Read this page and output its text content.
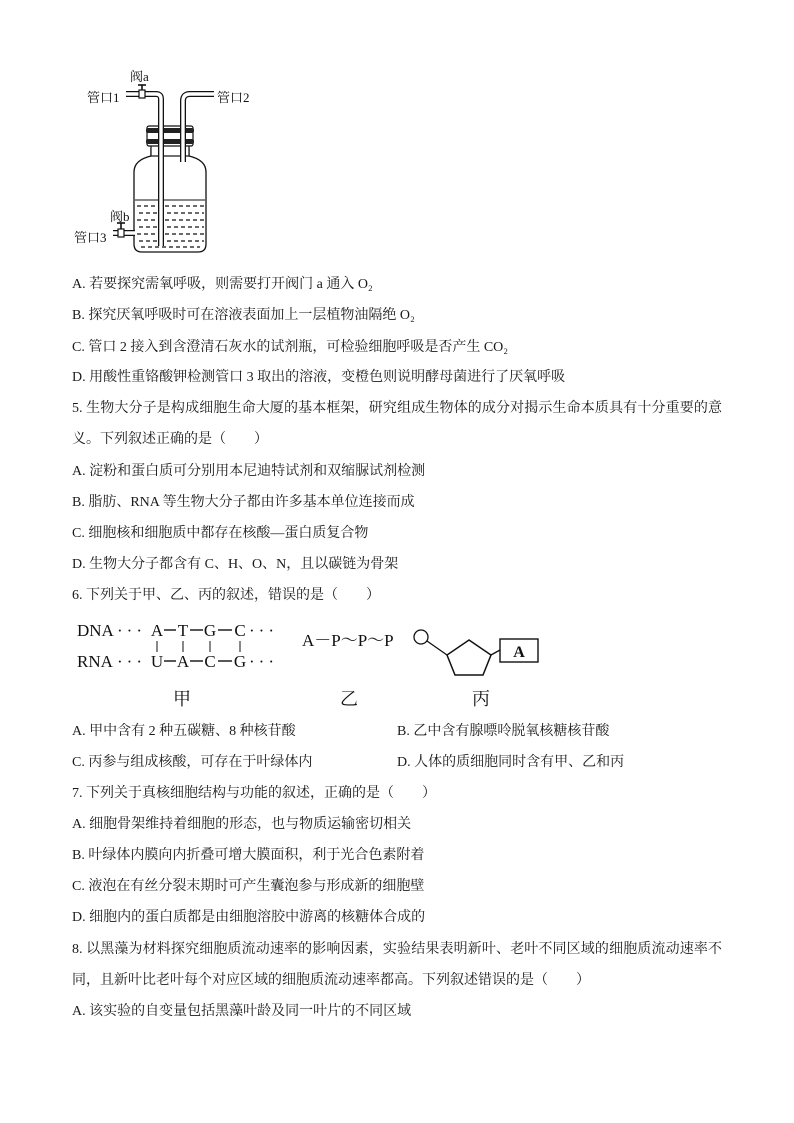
阀a
管口1	管口2
阀b
管口3
A. 若要探究需氧呼吸，则需要打开阀门 a 通入 O₂
B. 探究厌氧呼吸时可在溶液表面加上一层植物油隔绝 O₂
C. 管口 2 接入到含澄清石灰水的试剂瓶，可检验细胞呼吸是否产生 CO₂
D. 用酸性重铬酸钾检测管口 3 取出的溶液，变橙色则说明酵母菌进行了厌氧呼吸
5. 生物大分子是构成细胞生命大厦的基本框架，研究组成生物体的成分对揭示生命本质具有十分重要的意
义。下列叙述正确的是（　　）
A. 淀粉和蛋白质可分别用本尼迪特试剂和双缩脲试剂检测
B. 脂肪、RNA 等生物大分子都由许多基本单位连接而成
C. 细胞核和细胞质中都存在核酸—蛋白质复合物
D. 生物大分子都含有 C、H、O、N，且以碳链为骨架
6. 下列关于甲、乙、丙的叙述，错误的是（　　）
DNA ··· A T G C ···
RNA ··· U A C G ···
A－P～P～P
A
甲	乙	丙
A. 甲中含有 2 种五碳糖、8 种核苷酸	B. 乙中含有腺嘌呤脱氧核糖核苷酸
C. 丙参与组成核酸，可存在于叶绿体内	D. 人体的质细胞同时含有甲、乙和丙
7. 下列关于真核细胞结构与功能的叙述，正确的是（　　）
A. 细胞骨架维持着细胞的形态，也与物质运输密切相关
B. 叶绿体内膜向内折叠可增大膜面积，利于光合色素附着
C. 液泡在有丝分裂末期时可产生囊泡参与形成新的细胞壁
D. 细胞内的蛋白质都是由细胞溶胶中游离的核糖体合成的
8. 以黑藻为材料探究细胞质流动速率的影响因素，实验结果表明新叶、老叶不同区域的细胞质流动速率不
同，且新叶比老叶每个对应区域的细胞质流动速率都高。下列叙述错误的是（　　）
A. 该实验的自变量包括黑藻叶龄及同一叶片的不同区域
